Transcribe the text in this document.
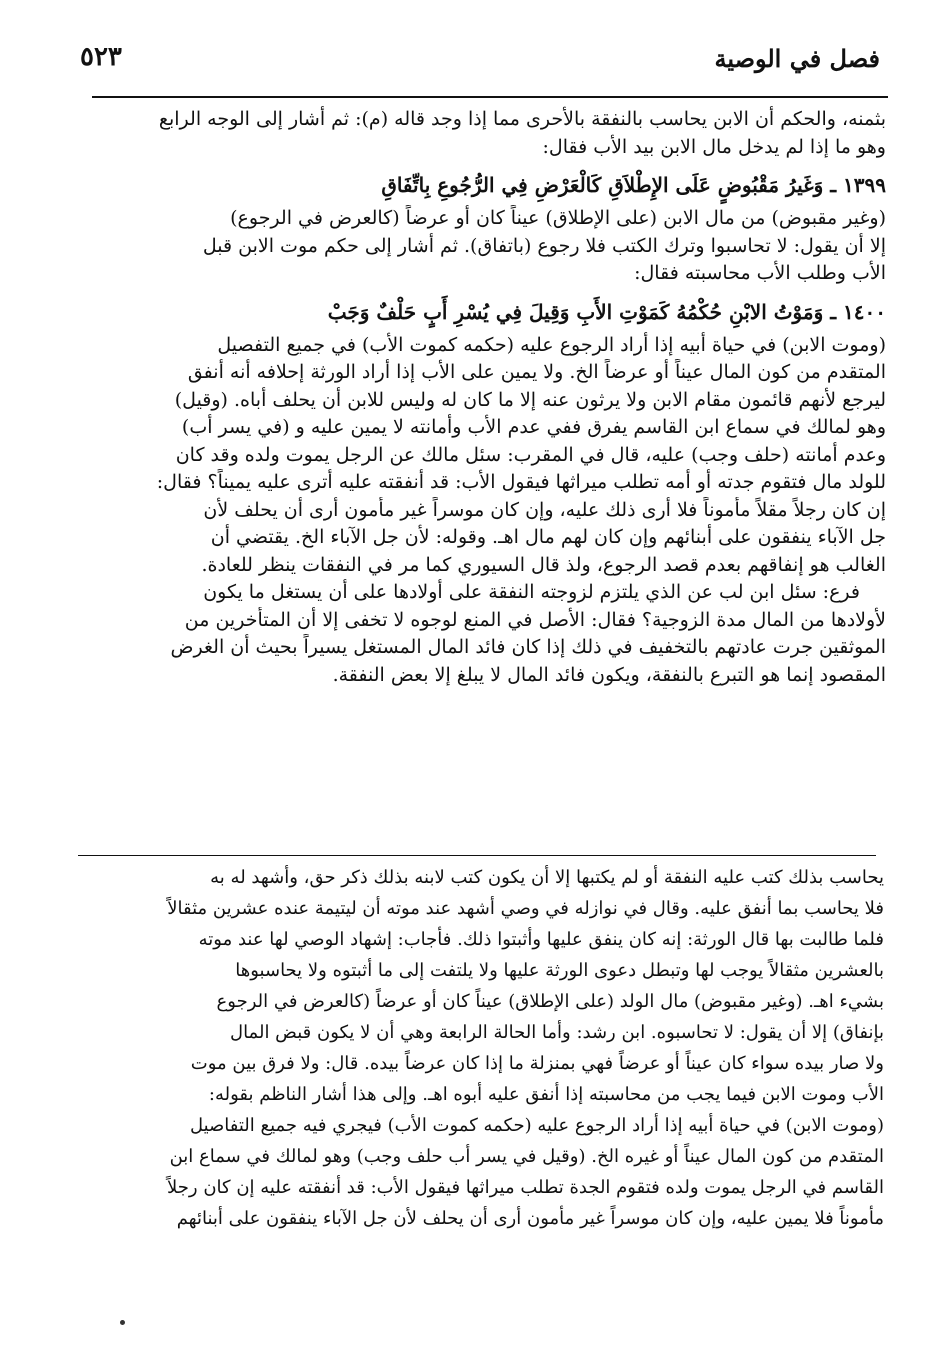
فصل في الوصية
٥٢٣
بثمنه، والحكم أن الابن يحاسب بالنفقة بالأحرى مما إذا وجد قاله (م): ثم أشار إلى الوجه الرابع
وهو ما إذا لم يدخل مال الابن بيد الأب فقال:
١٣٩٩ ـ وَغَيرُ مَقْبُوضٍ عَلَى الإِطْلاَقِ كَالْعَرْضِ فِي الرُّجُوعِ بِاتِّفَاقِ
(وغير مقبوض) من مال الابن (على الإطلاق) عيناً كان أو عرضاً (كالعرض في الرجوع)
إلا أن يقول: لا تحاسبوا وترك الكتب فلا رجوع (باتفاق). ثم أشار إلى حكم موت الابن قبل
الأب وطلب الأب محاسبته فقال:
١٤٠٠ ـ وَمَوْتُ الابْنِ حُكْمُهُ كَمَوْتِ الأَبِ وَقِيلَ فِي يُسْرِ أَبٍ حَلْفٌ وَجَبْ
(وموت الابن) في حياة أبيه إذا أراد الرجوع عليه (حكمه كموت الأب) في جميع التفصيل
المتقدم من كون المال عيناً أو عرضاً الخ. ولا يمين على الأب إذا أراد الورثة إحلافه أنه أنفق
ليرجع لأنهم قائمون مقام الابن ولا يرثون عنه إلا ما كان له وليس للابن أن يحلف أباه. (وقيل)
وهو لمالك في سماع ابن القاسم يفرق ففي عدم الأب وأمانته لا يمين عليه و (في يسر أب)
وعدم أمانته (حلف وجب) عليه، قال في المقرب: سئل مالك عن الرجل يموت ولده وقد كان
للولد مال فتقوم جدته أو أمه تطلب ميراثها فيقول الأب: قد أنفقته عليه أترى عليه يميناً؟ فقال:
إن كان رجلاً مقلاً مأموناً فلا أرى ذلك عليه، وإن كان موسراً غير مأمون أرى أن يحلف لأن
جل الآباء ينفقون على أبنائهم وإن كان لهم مال اهـ. وقوله: لأن جل الآباء الخ. يقتضي أن
الغالب هو إنفاقهم بعدم قصد الرجوع، ولذ قال السيوري كما مر في النفقات ينظر للعادة.
فرع: سئل ابن لب عن الذي يلتزم لزوجته النفقة على أولادها على أن يستغل ما يكون
لأولادها من المال مدة الزوجية؟ فقال: الأصل في المنع لوجوه لا تخفى إلا أن المتأخرين من
الموثقين جرت عادتهم بالتخفيف في ذلك إذا كان فائد المال المستغل يسيراً بحيث أن الغرض
المقصود إنما هو التبرع بالنفقة، ويكون فائد المال لا يبلغ إلا بعض النفقة.
يحاسب بذلك كتب عليه النفقة أو لم يكتبها إلا أن يكون كتب لابنه بذلك ذكر حق، وأشهد له به
فلا يحاسب بما أنفق عليه. وقال في نوازله في وصي أشهد عند موته أن ليتيمة عنده عشرين مثقالاً
فلما طالبت بها قال الورثة: إنه كان ينفق عليها وأثبتوا ذلك. فأجاب: إشهاد الوصي لها عند موته
بالعشرين مثقالاً يوجب لها وتبطل دعوى الورثة عليها ولا يلتفت إلى ما أثبتوه ولا يحاسبوها
بشيء اهـ. (وغير مقبوض) مال الولد (على الإطلاق) عيناً كان أو عرضاً (كالعرض في الرجوع
بإنفاق) إلا أن يقول: لا تحاسبوه. ابن رشد: وأما الحالة الرابعة وهي أن لا يكون قبض المال
ولا صار بيده سواء كان عيناً أو عرضاً فهي بمنزلة ما إذا كان عرضاً بيده. قال: ولا فرق بين موت
الأب وموت الابن فيما يجب من محاسبته إذا أنفق عليه أبوه اهـ. وإلى هذا أشار الناظم بقوله:
(وموت الابن) في حياة أبيه إذا أراد الرجوع عليه (حكمه كموت الأب) فيجري فيه جميع التفاصيل
المتقدم من كون المال عيناً أو غيره الخ. (وقيل في يسر أب حلف وجب) وهو لمالك في سماع ابن
القاسم في الرجل يموت ولده فتقوم الجدة تطلب ميراثها فيقول الأب: قد أنفقته عليه إن كان رجلاً
مأموناً فلا يمين عليه، وإن كان موسراً غير مأمون أرى أن يحلف لأن جل الآباء ينفقون على أبنائهم
